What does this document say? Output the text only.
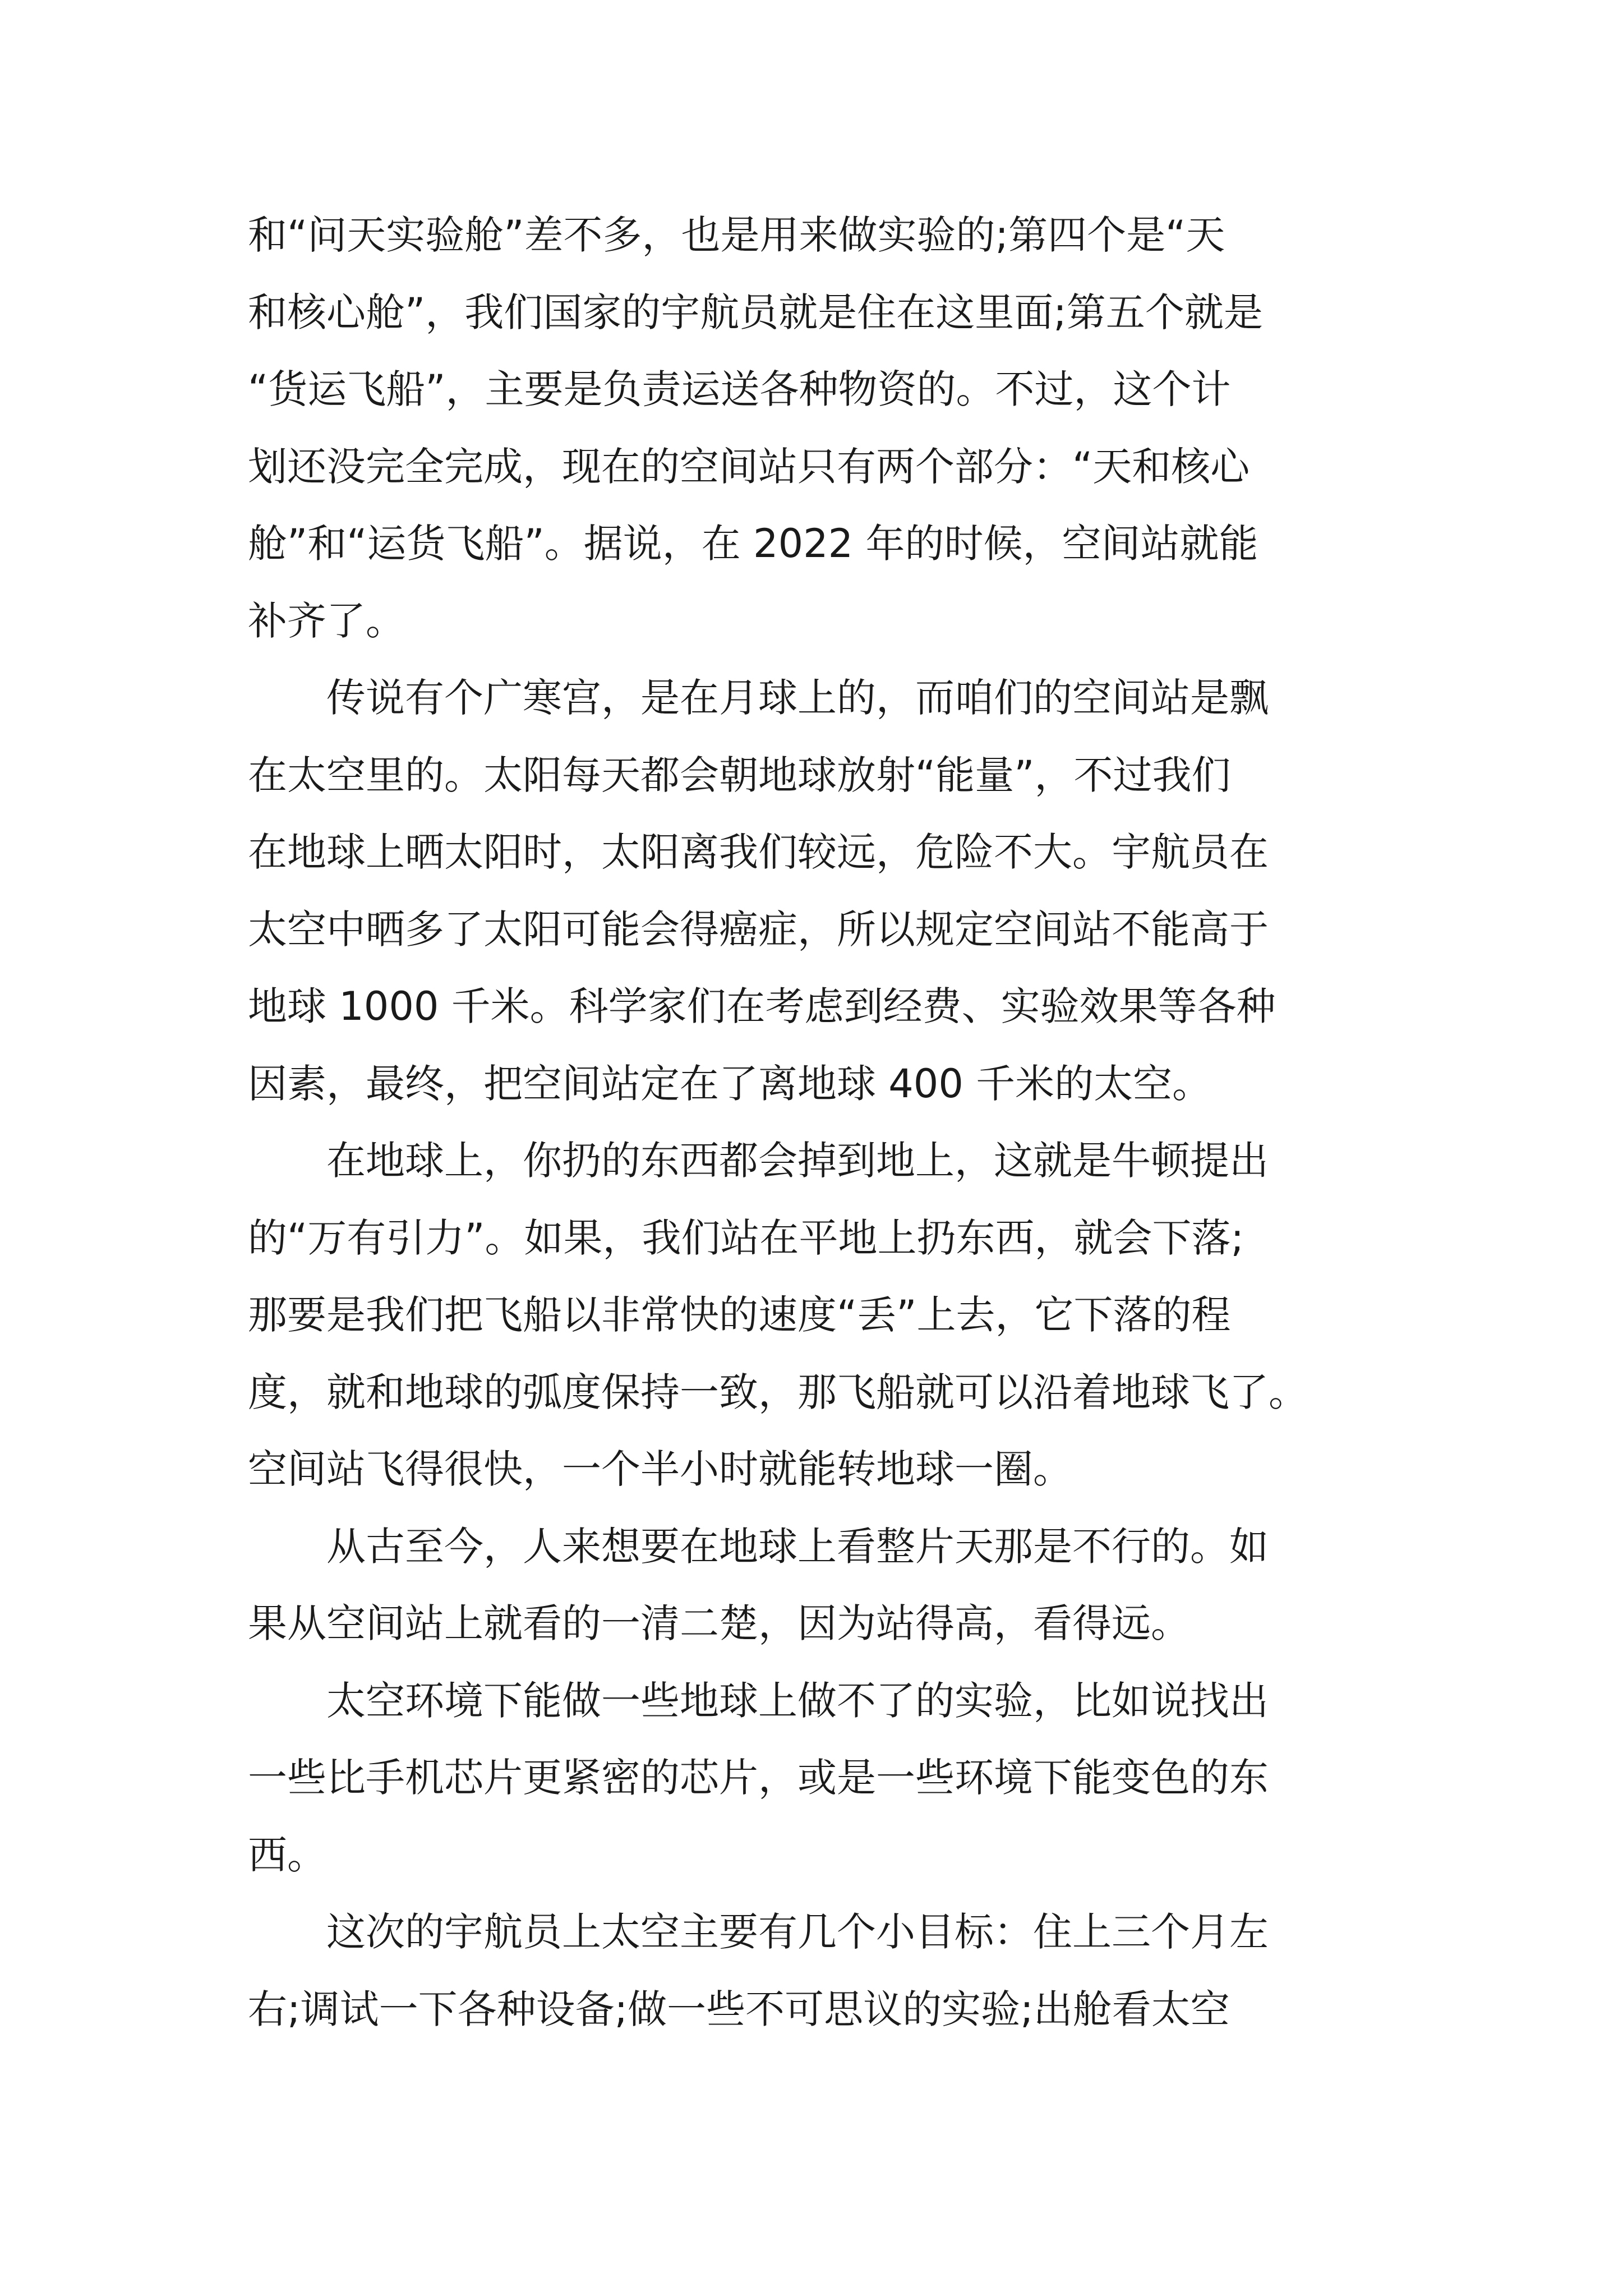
和“问天实验舱”差不多，也是用来做实验的;第四个是“天
和核心舱”，我们国家的宇航员就是住在这里面;第五个就是
“货运飞船”，主要是负责运送各种物资的。不过，这个计
划还没完全完成，现在的空间站只有两个部分：“天和核心
舱”和“运货飞船”。据说，在 2022 年的时候，空间站就能
补齐了。

传说有个广寒宫，是在月球上的，而咱们的空间站是飘
在太空里的。太阳每天都会朝地球放射“能量”，不过我们
在地球上晒太阳时，太阳离我们较远，危险不大。宇航员在
太空中晒多了太阳可能会得癌症，所以规定空间站不能高于
地球 1000 千米。科学家们在考虑到经费、实验效果等各种
因素，最终，把空间站定在了离地球 400 千米的太空。

在地球上，你扔的东西都会掉到地上，这就是牛顿提出
的“万有引力”。如果，我们站在平地上扔东西，就会下落;
那要是我们把飞船以非常快的速度“丢”上去，它下落的程
度，就和地球的弧度保持一致，那飞船就可以沿着地球飞了。
空间站飞得很快，一个半小时就能转地球一圈。

从古至今，人来想要在地球上看整片天那是不行的。如
果从空间站上就看的一清二楚，因为站得高，看得远。

太空环境下能做一些地球上做不了的实验，比如说找出
一些比手机芯片更紧密的芯片，或是一些环境下能变色的东
西。

这次的宇航员上太空主要有几个小目标：住上三个月左
右;调试一下各种设备;做一些不可思议的实验;出舱看太空
